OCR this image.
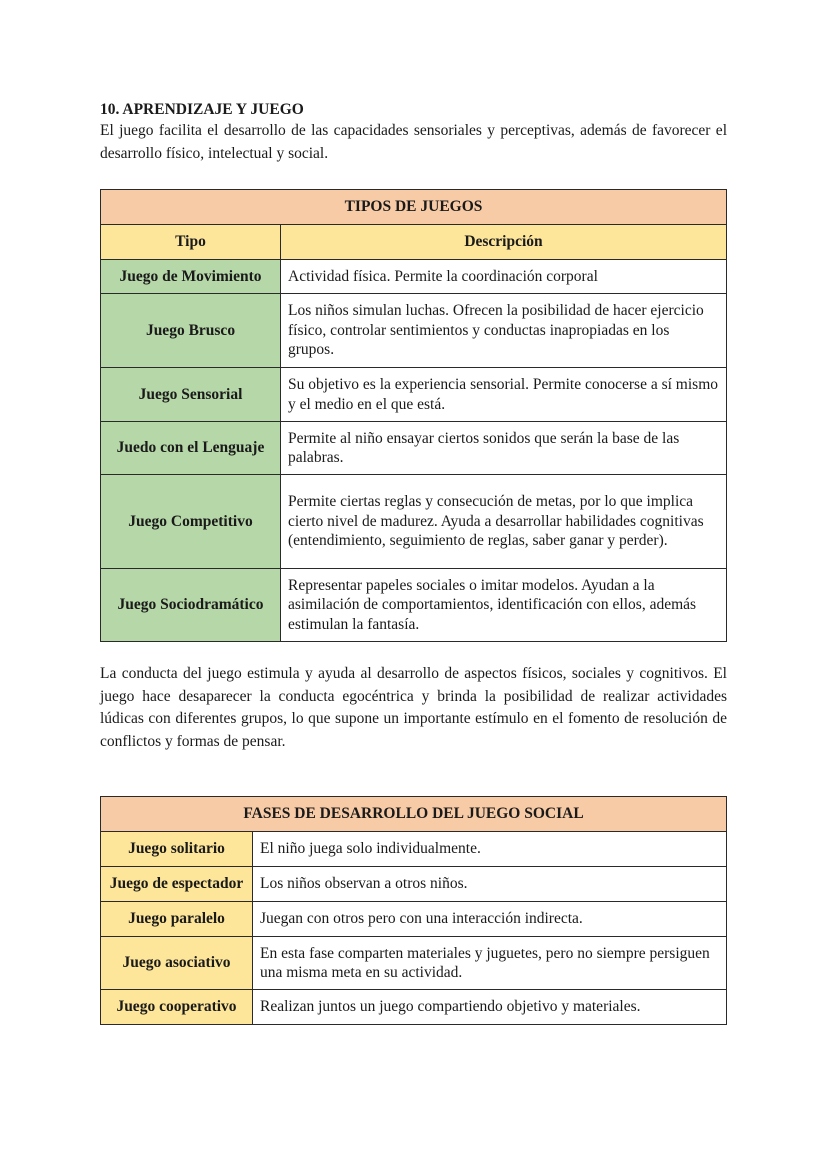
10. APRENDIZAJE Y JUEGO

El juego facilita el desarrollo de las capacidades sensoriales y perceptivas, además de favorecer el desarrollo físico, intelectual y social.

TIPOS DE JUEGOS	
Tipo	Descripción
Juego de Movimiento	Actividad física. Permite la coordinación corporal
Juego Brusco	Los niños simulan luchas. Ofrecen la posibilidad de hacer ejercicio físico, controlar sentimientos y conductas inapropiadas en los grupos.
Juego Sensorial	Su objetivo es la experiencia sensorial. Permite conocerse a sí mismo y el medio en el que está.
Juedo con el Lenguaje	Permite al niño ensayar ciertos sonidos que serán la base de las palabras.
Juego Competitivo	Permite ciertas reglas y consecución de metas, por lo que implica cierto nivel de madurez. Ayuda a desarrollar habilidades cognitivas (entendimiento, seguimiento de reglas, saber ganar y perder).
Juego Sociodramático	Representar papeles sociales o imitar modelos. Ayudan a la asimilación de comportamientos, identificación con ellos, además estimulan la fantasía.

La conducta del juego estimula y ayuda al desarrollo de aspectos físicos, sociales y cognitivos. El juego hace desaparecer la conducta egocéntrica y brinda la posibilidad de realizar actividades lúdicas con diferentes grupos, lo que supone un importante estímulo en el fomento de resolución de conflictos y formas de pensar.

FASES DE DESARROLLO DEL JUEGO SOCIAL	
Juego solitario	El niño juega solo individualmente.
Juego de espectador	Los niños observan a otros niños.
Juego paralelo	Juegan con otros pero con una interacción indirecta.
Juego asociativo	En esta fase comparten materiales y juguetes, pero no siempre persiguen una misma meta en su actividad.
Juego cooperativo	Realizan juntos un juego compartiendo objetivo y materiales.
